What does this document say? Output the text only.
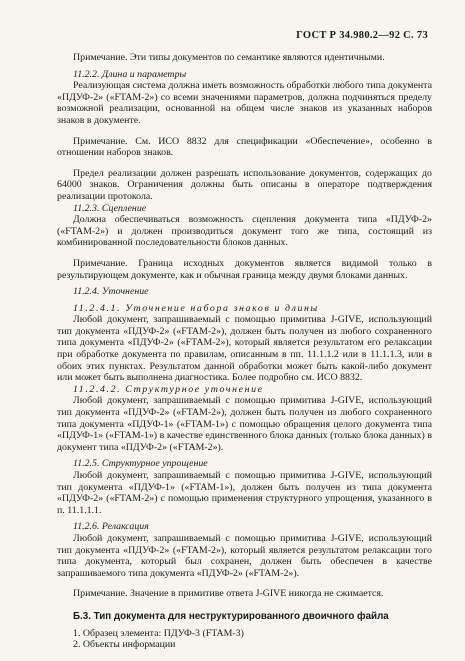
ГОСТ Р 34.980.2—92 С. 73

Примечание. Эти типы документов по семантике являются идентичными.

11.2.2. Длина и параметры

Реализующая система должна иметь возможность обработки любого типа документа «ПДУФ-2» («FTAM-2») со всеми значениями параметров, должна подчиняться пределу возможной реализации, основанной на общем числе знаков из указанных наборов знаков в документе.

Примечание. См. ИСО 8832 для спецификации «Обеспечение», особенно в отношении наборов знаков.

Предел реализации должен разрешать использование документов, содержащих до 64000 знаков. Ограничения должны быть описаны в операторе подтверждения реализации протокола.

11.2.3. Сцепление

Должна обеспечиваться возможность сцепления документа типа «ПДУФ-2» («FTAM-2») и должен производиться документ того же типа, состоящий из комбинированной последовательности блоков данных.

Примечание. Граница исходных документов является видимой только в результирующем документе, как и обычная граница между двумя блоками данных.

11.2.4. Уточнение

11.2.4.1. Уточнение набора знаков и длины

Любой документ, запрашиваемый с помощью примитива J-GIVE, использующий тип документа «ПДУФ-2» («FTAM-2»), должен быть получен из любого сохраненного типа документа «ПДУФ-2» («FTAM-2»), который является результатом его релаксации при обработке документа по правилам, описанным в пп. 11.1.1.2 или в 11.1.1.3, или в обоих этих пунктах. Результатом данной обработки может быть какой-либо документ или может быть выполнена диагностика. Более подробно см. ИСО 8832.

11.2.4.2. Структурное уточнение

Любой документ, запрашиваемый с помощью примитива J-GIVE, использующий тип документа «ПДУФ-2» («FTAM-2»), должен быть получен из любого сохраненного типа документа «ПДУФ-1» («FTAM-1») с помощью обращения целого документа типа «ПДУФ-1» («FTAM-1») в качестве единственного блока данных (только блока данных) в документ типа «ПДУФ-2» («FTAM-2»).

11.2.5. Структурное упрощение

Любой документ, запрашиваемый с помощью примитива J-GIVE, использующий тип документа «ПДУФ-1» («FTAM-1»), должен быть получен из типа документа «ПДУФ-2» («FTAM-2») с помощью применения структурного упрощения, указанного в п. 11.1.1.1.

11.2.6. Релаксация

Любой документ, запрашиваемый с помощью примитива J-GIVE, использующий тип документа «ПДУФ-2» («FTAM-2»), который является результатом релаксации того типа документа, который был сохранен, должен быть обеспечен в качестве запрашиваемого типа документа «ПДУФ-2» («FTAM-2»).

Примечание. Значение в примитиве ответа J-GIVE никогда не сжимается.

Б.3. Тип документа для неструктурированного двоичного файла

1. Образец элемента: ПДУФ-3 (FTAM-3)

2. Объекты информации
